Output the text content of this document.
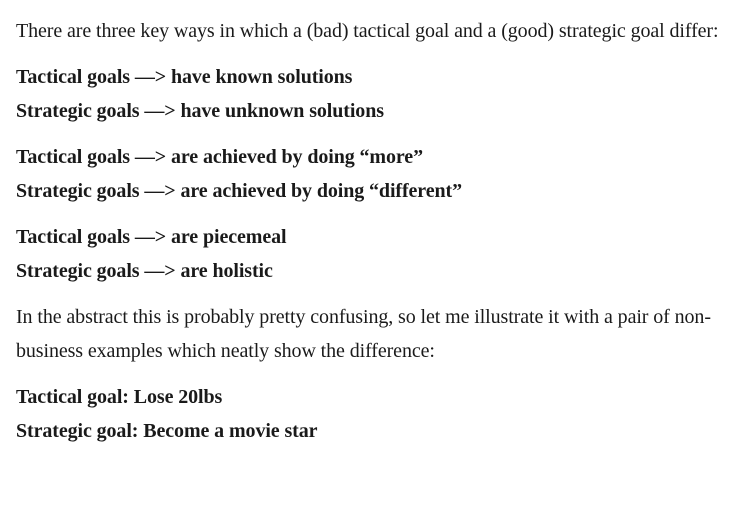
There are three key ways in which a (bad) tactical goal and a (good) strategic goal differ:

Tactical goals —> have known solutions
Strategic goals —> have unknown solutions
Tactical goals —> are achieved by doing “more”
Strategic goals —> are achieved by doing “different”
Tactical goals —> are piecemeal
Strategic goals —> are holistic

In the abstract this is probably pretty confusing, so let me illustrate it with a pair of non-business examples which neatly show the difference:

Tactical goal: Lose 20lbs
Strategic goal: Become a movie star
